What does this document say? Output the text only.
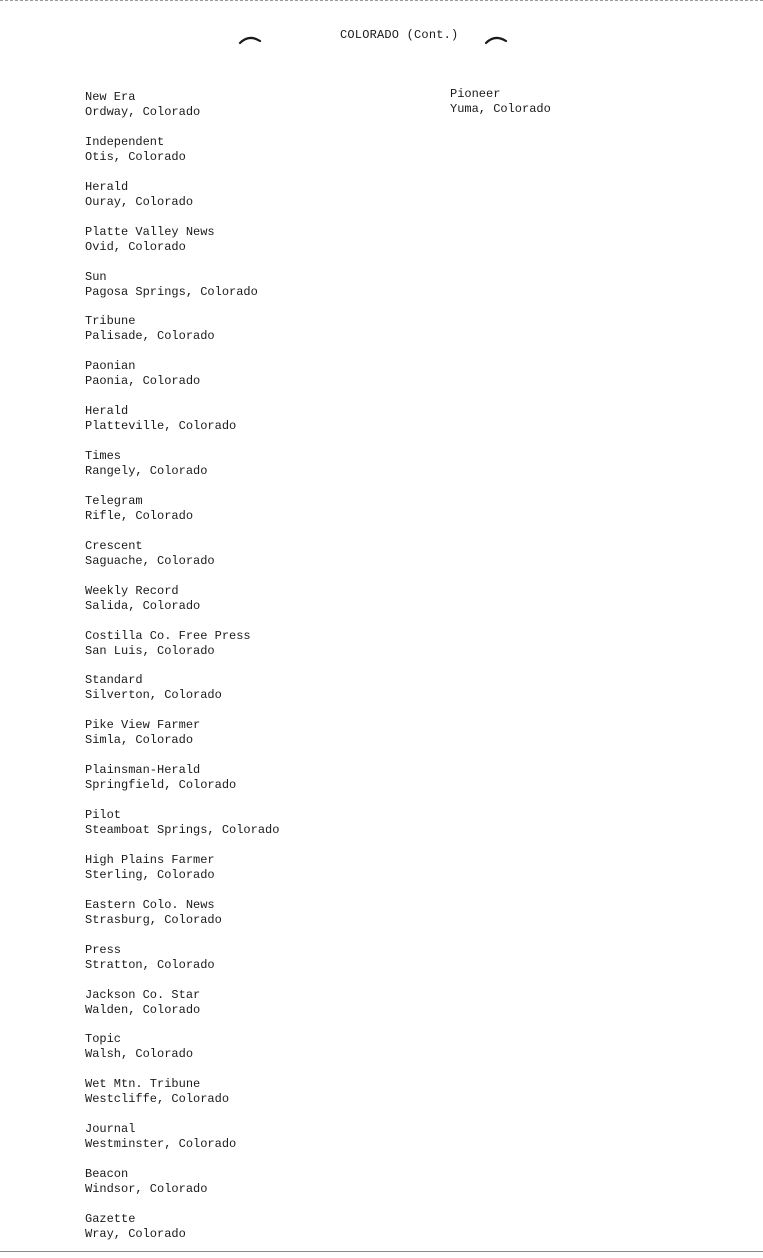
COLORADO (Cont.)
New Era
Ordway, Colorado
Independent
Otis, Colorado
Herald
Ouray, Colorado
Platte Valley News
Ovid, Colorado
Sun
Pagosa Springs, Colorado
Tribune
Palisade, Colorado
Paonian
Paonia, Colorado
Herald
Platteville, Colorado
Times
Rangely, Colorado
Telegram
Rifle, Colorado
Crescent
Saguache, Colorado
Weekly Record
Salida, Colorado
Costilla Co. Free Press
San Luis, Colorado
Standard
Silverton, Colorado
Pike View Farmer
Simla, Colorado
Plainsman-Herald
Springfield, Colorado
Pilot
Steamboat Springs, Colorado
High Plains Farmer
Sterling, Colorado
Eastern Colo. News
Strasburg, Colorado
Press
Stratton, Colorado
Jackson Co. Star
Walden, Colorado
Topic
Walsh, Colorado
Wet Mtn. Tribune
Westcliffe, Colorado
Journal
Westminster, Colorado
Beacon
Windsor, Colorado
Gazette
Wray, Colorado
Pioneer
Yuma, Colorado
